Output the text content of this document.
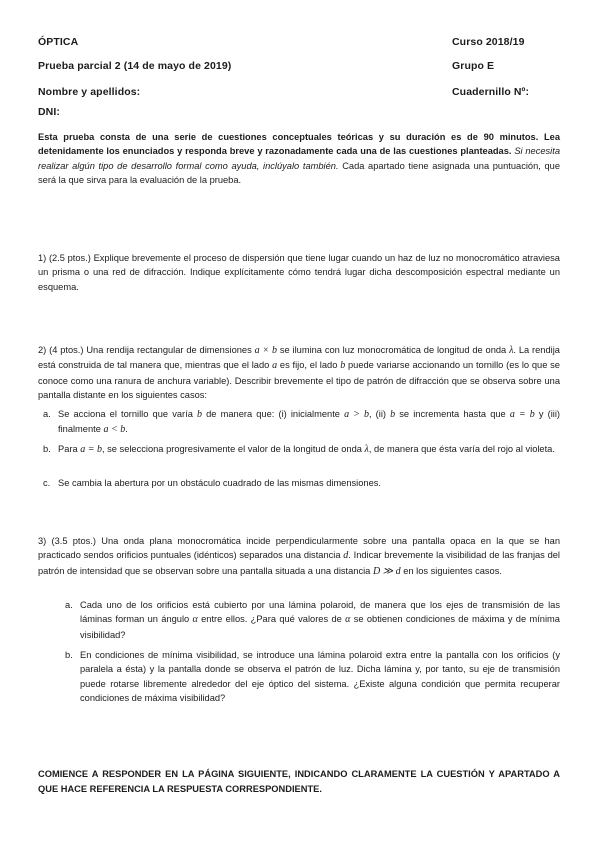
ÓPTICA	Curso 2018/19
Prueba parcial 2 (14 de mayo de 2019)	Grupo E
Nombre y apellidos:	Cuadernillo Nº:
DNI:
Esta prueba consta de una serie de cuestiones conceptuales teóricas y su duración es de 90 minutos. Lea detenidamente los enunciados y responda breve y razonadamente cada una de las cuestiones planteadas. Si necesita realizar algún tipo de desarrollo formal como ayuda, inclúyalo también. Cada apartado tiene asignada una puntuación, que será la que sirva para la evaluación de la prueba.
1) (2.5 ptos.) Explique brevemente el proceso de dispersión que tiene lugar cuando un haz de luz no monocromático atraviesa un prisma o una red de difracción. Indique explícitamente cómo tendrá lugar dicha descomposición espectral mediante un esquema.
2) (4 ptos.) Una rendija rectangular de dimensiones a × b se ilumina con luz monocromática de longitud de onda λ. La rendija está construida de tal manera que, mientras que el lado a es fijo, el lado b puede variarse accionando un tornillo (es lo que se conoce como una ranura de anchura variable). Describir brevemente el tipo de patrón de difracción que se observa sobre una pantalla distante en los siguientes casos:
a. Se acciona el tornillo que varía b de manera que: (i) inicialmente a > b, (ii) b se incrementa hasta que a = b y (iii) finalmente a < b.
b. Para a = b, se selecciona progresivamente el valor de la longitud de onda λ, de manera que ésta varía del rojo al violeta.
c. Se cambia la abertura por un obstáculo cuadrado de las mismas dimensiones.
3) (3.5 ptos.) Una onda plana monocromática incide perpendicularmente sobre una pantalla opaca en la que se han practicado sendos orificios puntuales (idénticos) separados una distancia d. Indicar brevemente la visibilidad de las franjas del patrón de intensidad que se observan sobre una pantalla situada a una distancia D ≫ d en los siguientes casos.
a. Cada uno de los orificios está cubierto por una lámina polaroid, de manera que los ejes de transmisión de las láminas forman un ángulo α entre ellos. ¿Para qué valores de α se obtienen condiciones de máxima y de mínima visibilidad?
b. En condiciones de mínima visibilidad, se introduce una lámina polaroid extra entre la pantalla con los orificios (y paralela a ésta) y la pantalla donde se observa el patrón de luz. Dicha lámina y, por tanto, su eje de transmisión puede rotarse libremente alrededor del eje óptico del sistema. ¿Existe alguna condición que permita recuperar condiciones de máxima visibilidad?
COMIENCE A RESPONDER EN LA PÁGINA SIGUIENTE, INDICANDO CLARAMENTE LA CUESTIÓN Y APARTADO A QUE HACE REFERENCIA LA RESPUESTA CORRESPONDIENTE.
